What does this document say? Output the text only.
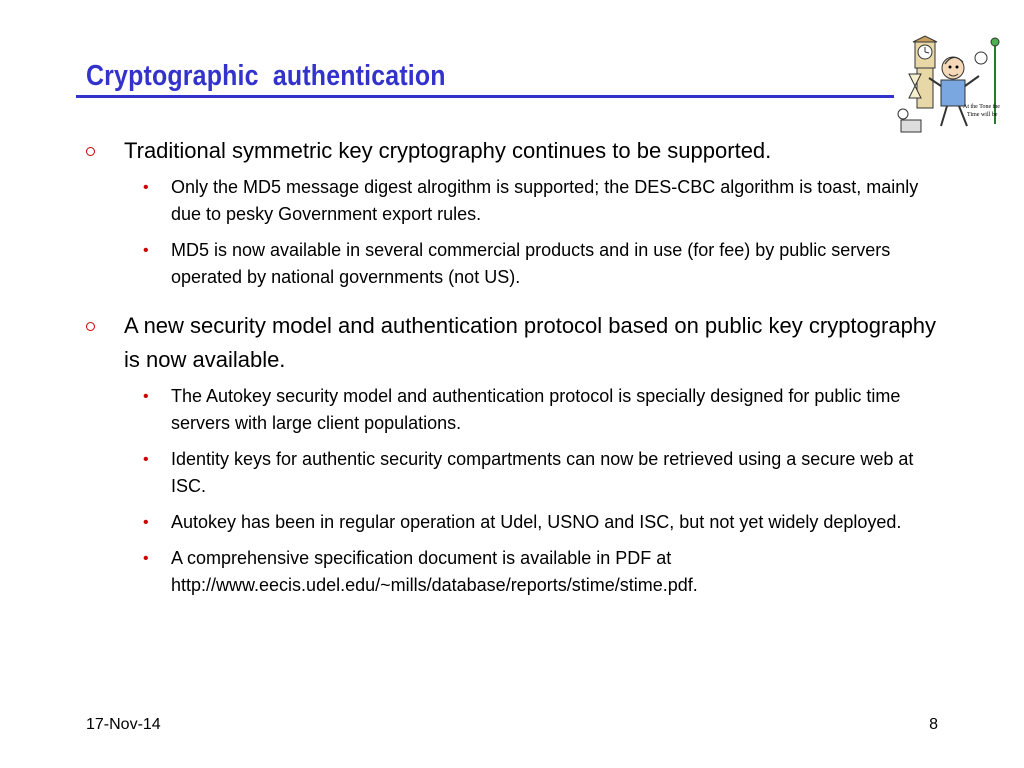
Cryptographic  authentication
At the Tone the
Time will be
Traditional symmetric key cryptography continues to be supported.
• Only the MD5 message digest alrogithm is supported; the DES-CBC algorithm is toast, mainly due to pesky Government export rules.
• MD5 is now available in several commercial products and in use (for fee) by public servers operated by national governments (not US).
A new security model and authentication protocol based on public key cryptography is now available.
• The Autokey security model and authentication protocol is specially designed for public time servers with large client populations.
• Identity keys for authentic security compartments can now be retrieved using a secure web at ISC.
• Autokey has been in regular operation at Udel, USNO and ISC, but not yet widely deployed.
• A comprehensive specification document is available in PDF at http://www.eecis.udel.edu/~mills/database/reports/stime/stime.pdf.
17-Nov-14	8
